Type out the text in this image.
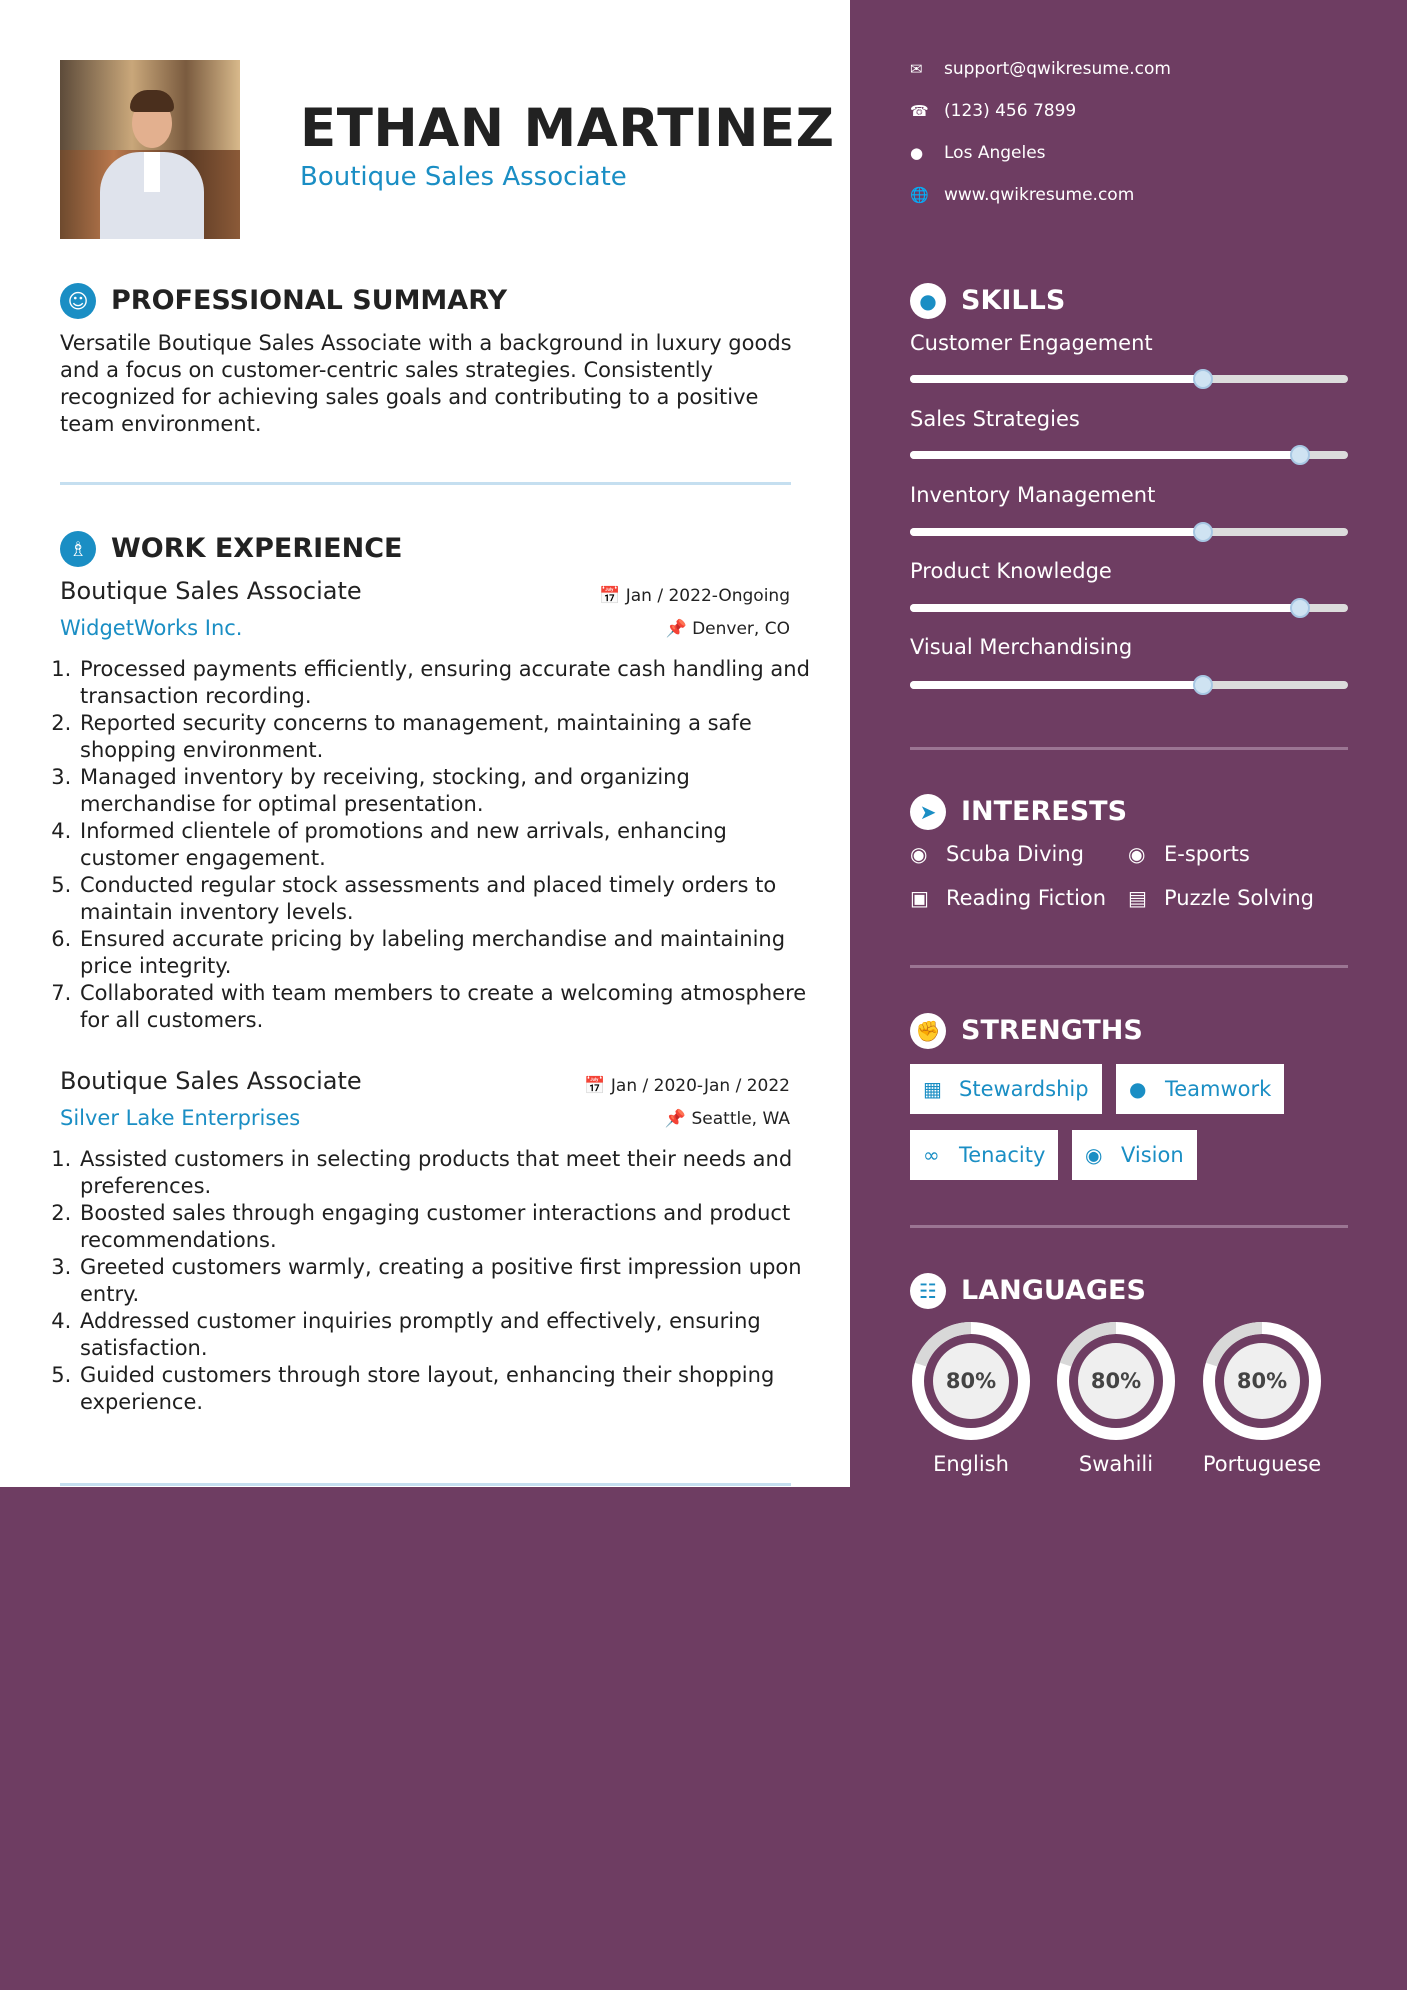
ETHAN MARTINEZ
Boutique Sales Associate
☺ PROFESSIONAL SUMMARY
Versatile Boutique Sales Associate with a background in luxury goods and a focus on customer-centric sales strategies. Consistently recognized for achieving sales goals and contributing to a positive team environment.
♗ WORK EXPERIENCE
Boutique Sales Associate	📅 Jan / 2022-Ongoing
WidgetWorks Inc.	📌 Denver, CO
1. Processed payments efficiently, ensuring accurate cash handling and transaction recording.
2. Reported security concerns to management, maintaining a safe shopping environment.
3. Managed inventory by receiving, stocking, and organizing merchandise for optimal presentation.
4. Informed clientele of promotions and new arrivals, enhancing customer engagement.
5. Conducted regular stock assessments and placed timely orders to maintain inventory levels.
6. Ensured accurate pricing by labeling merchandise and maintaining price integrity.
7. Collaborated with team members to create a welcoming atmosphere for all customers.
Boutique Sales Associate	📅 Jan / 2020-Jan / 2022
Silver Lake Enterprises	📌 Seattle, WA
1. Assisted customers in selecting products that meet their needs and preferences.
2. Boosted sales through engaging customer interactions and product recommendations.
3. Greeted customers warmly, creating a positive first impression upon entry.
4. Addressed customer inquiries promptly and effectively, ensuring satisfaction.
5. Guided customers through store layout, enhancing their shopping experience.
✉ support@qwikresume.com
☎ (123) 456 7899
● Los Angeles
🌐 www.qwikresume.com
● SKILLS
Customer Engagement
Sales Strategies
Inventory Management
Product Knowledge
Visual Merchandising
➤ INTERESTS
◉ Scuba Diving ◉ E-sports
▣ Reading Fiction ▤ Puzzle Solving
✊ STRENGTHS
▦ Stewardship	● Teamwork
∞ Tenacity	◉ Vision
☷ LANGUAGES
80%
English
80%
Swahili
80%
Portuguese
